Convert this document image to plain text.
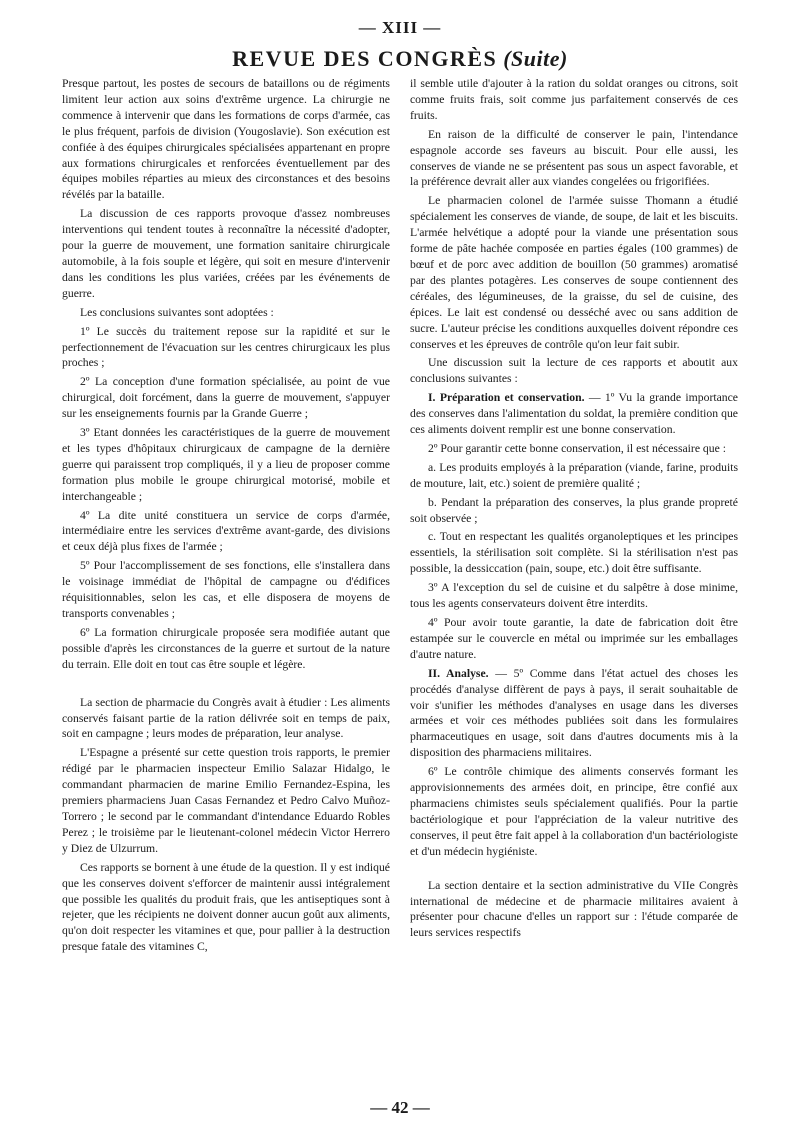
— XIII —
REVUE DES CONGRÈS (Suite)

Presque partout, les postes de secours de bataillons ou de régiments limitent leur action aux soins d'extrême urgence. La chirurgie ne commence à intervenir que dans les formations de corps d'armée, cas le plus fréquent, parfois de division (Yougoslavie). Son exécution est confiée à des équipes chirurgicales spécialisées appartenant en propre aux formations chirurgicales et renforcées éventuellement par des équipes mobiles réparties au mieux des circonstances et des besoins révélés par la bataille.

La discussion de ces rapports provoque d'assez nombreuses interventions qui tendent toutes à reconnaître la nécessité d'adopter, pour la guerre de mouvement, une formation sanitaire chirurgicale automobile, à la fois souple et légère, qui soit en mesure d'intervenir dans les conditions les plus variées, créées par les événements de guerre.

Les conclusions suivantes sont adoptées :

1º Le succès du traitement repose sur la rapidité et sur le perfectionnement de l'évacuation sur les centres chirurgicaux les plus proches ;

2º La conception d'une formation spécialisée, au point de vue chirurgical, doit forcément, dans la guerre de mouvement, s'appuyer sur les enseignements fournis par la Grande Guerre ;

3º Etant données les caractéristiques de la guerre de mouvement et les types d'hôpitaux chirurgicaux de campagne de la dernière guerre qui paraissent trop compliqués, il y a lieu de proposer comme formation plus mobile le groupe chirurgical motorisé, mobile et interchangeable ;

4º La dite unité constituera un service de corps d'armée, intermédiaire entre les services d'extrême avant-garde, des divisions et ceux déjà plus fixes de l'armée ;

5º Pour l'accomplissement de ses fonctions, elle s'installera dans le voisinage immédiat de l'hôpital de campagne ou d'édifices réquisitionnables, selon les cas, et elle disposera de moyens de transports convenables ;

6º La formation chirurgicale proposée sera modifiée autant que possible d'après les circonstances de la guerre et surtout de la nature du terrain. Elle doit en tout cas être souple et légère.

La section de pharmacie du Congrès avait à étudier : Les aliments conservés faisant partie de la ration délivrée soit en temps de paix, soit en campagne ; leurs modes de préparation, leur analyse.

L'Espagne a présenté sur cette question trois rapports, le premier rédigé par le pharmacien inspecteur Emilio Salazar Hidalgo, le commandant pharmacien de marine Emilio Fernandez-Espina, les premiers pharmaciens Juan Casas Fernandez et Pedro Calvo Muñoz-Torrero ; le second par le commandant d'intendance Eduardo Robles Perez ; le troisième par le lieutenant-colonel médecin Victor Herrero y Diez de Ulzurrum.

Ces rapports se bornent à une étude de la question. Il y est indiqué que les conserves doivent s'efforcer de maintenir aussi intégralement que possible les qualités du produit frais, que les antiseptiques sont à rejeter, que les récipients ne doivent donner aucun goût aux aliments, qu'on doit respecter les vitamines et que, pour pallier à la destruction presque fatale des vitamines C,

il semble utile d'ajouter à la ration du soldat oranges ou citrons, soit comme fruits frais, soit comme jus parfaitement conservés de ces fruits.

En raison de la difficulté de conserver le pain, l'intendance espagnole accorde ses faveurs au biscuit. Pour elle aussi, les conserves de viande ne se présentent pas sous un aspect favorable, et la préférence devrait aller aux viandes congelées ou frigorifiées.

Le pharmacien colonel de l'armée suisse Thomann a étudié spécialement les conserves de viande, de soupe, de lait et les biscuits. L'armée helvétique a adopté pour la viande une présentation sous forme de pâte hachée composée en parties égales (100 grammes) de bœuf et de porc avec addition de bouillon (50 grammes) aromatisé par des plantes potagères. Les conserves de soupe contiennent des céréales, des légumineuses, de la graisse, du sel de cuisine, des épices. Le lait est condensé ou desséché avec ou sans addition de sucre. L'auteur précise les conditions auxquelles doivent répondre ces conserves et les épreuves de contrôle qu'on leur fait subir.

Une discussion suit la lecture de ces rapports et aboutit aux conclusions suivantes :

I. Préparation et conservation. — 1º Vu la grande importance des conserves dans l'alimentation du soldat, la première condition que ces aliments doivent remplir est une bonne conservation.

2º Pour garantir cette bonne conservation, il est nécessaire que :

a. Les produits employés à la préparation (viande, farine, produits de mouture, lait, etc.) soient de première qualité ;

b. Pendant la préparation des conserves, la plus grande propreté soit observée ;

c. Tout en respectant les qualités organoleptiques et les principes essentiels, la stérilisation soit complète. Si la stérilisation n'est pas possible, la dessiccation (pain, soupe, etc.) doit être suffisante.

3º A l'exception du sel de cuisine et du salpêtre à dose minime, tous les agents conservateurs doivent être interdits.

4º Pour avoir toute garantie, la date de fabrication doit être estampée sur le couvercle en métal ou imprimée sur les emballages d'autre nature.

II. Analyse. — 5º Comme dans l'état actuel des choses les procédés d'analyse diffèrent de pays à pays, il serait souhaitable de voir s'unifier les méthodes d'analyses en usage dans les diverses armées et voir ces méthodes publiées soit dans les formulaires pharmaceutiques en usage, soit dans d'autres documents mis à la disposition des pharmaciens militaires.

6º Le contrôle chimique des aliments conservés formant les approvisionnements des armées doit, en principe, être confié aux pharmaciens chimistes seuls spécialement qualifiés. Pour la partie bactériologique et pour l'appréciation de la valeur nutritive des conserves, il peut être fait appel à la collaboration d'un bactériologiste et d'un médecin hygiéniste.

La section dentaire et la section administrative du VIIe Congrès international de médecine et de pharmacie militaires avaient à présenter pour chacune d'elles un rapport sur : l'étude comparée de leurs services respectifs

— 42 —
